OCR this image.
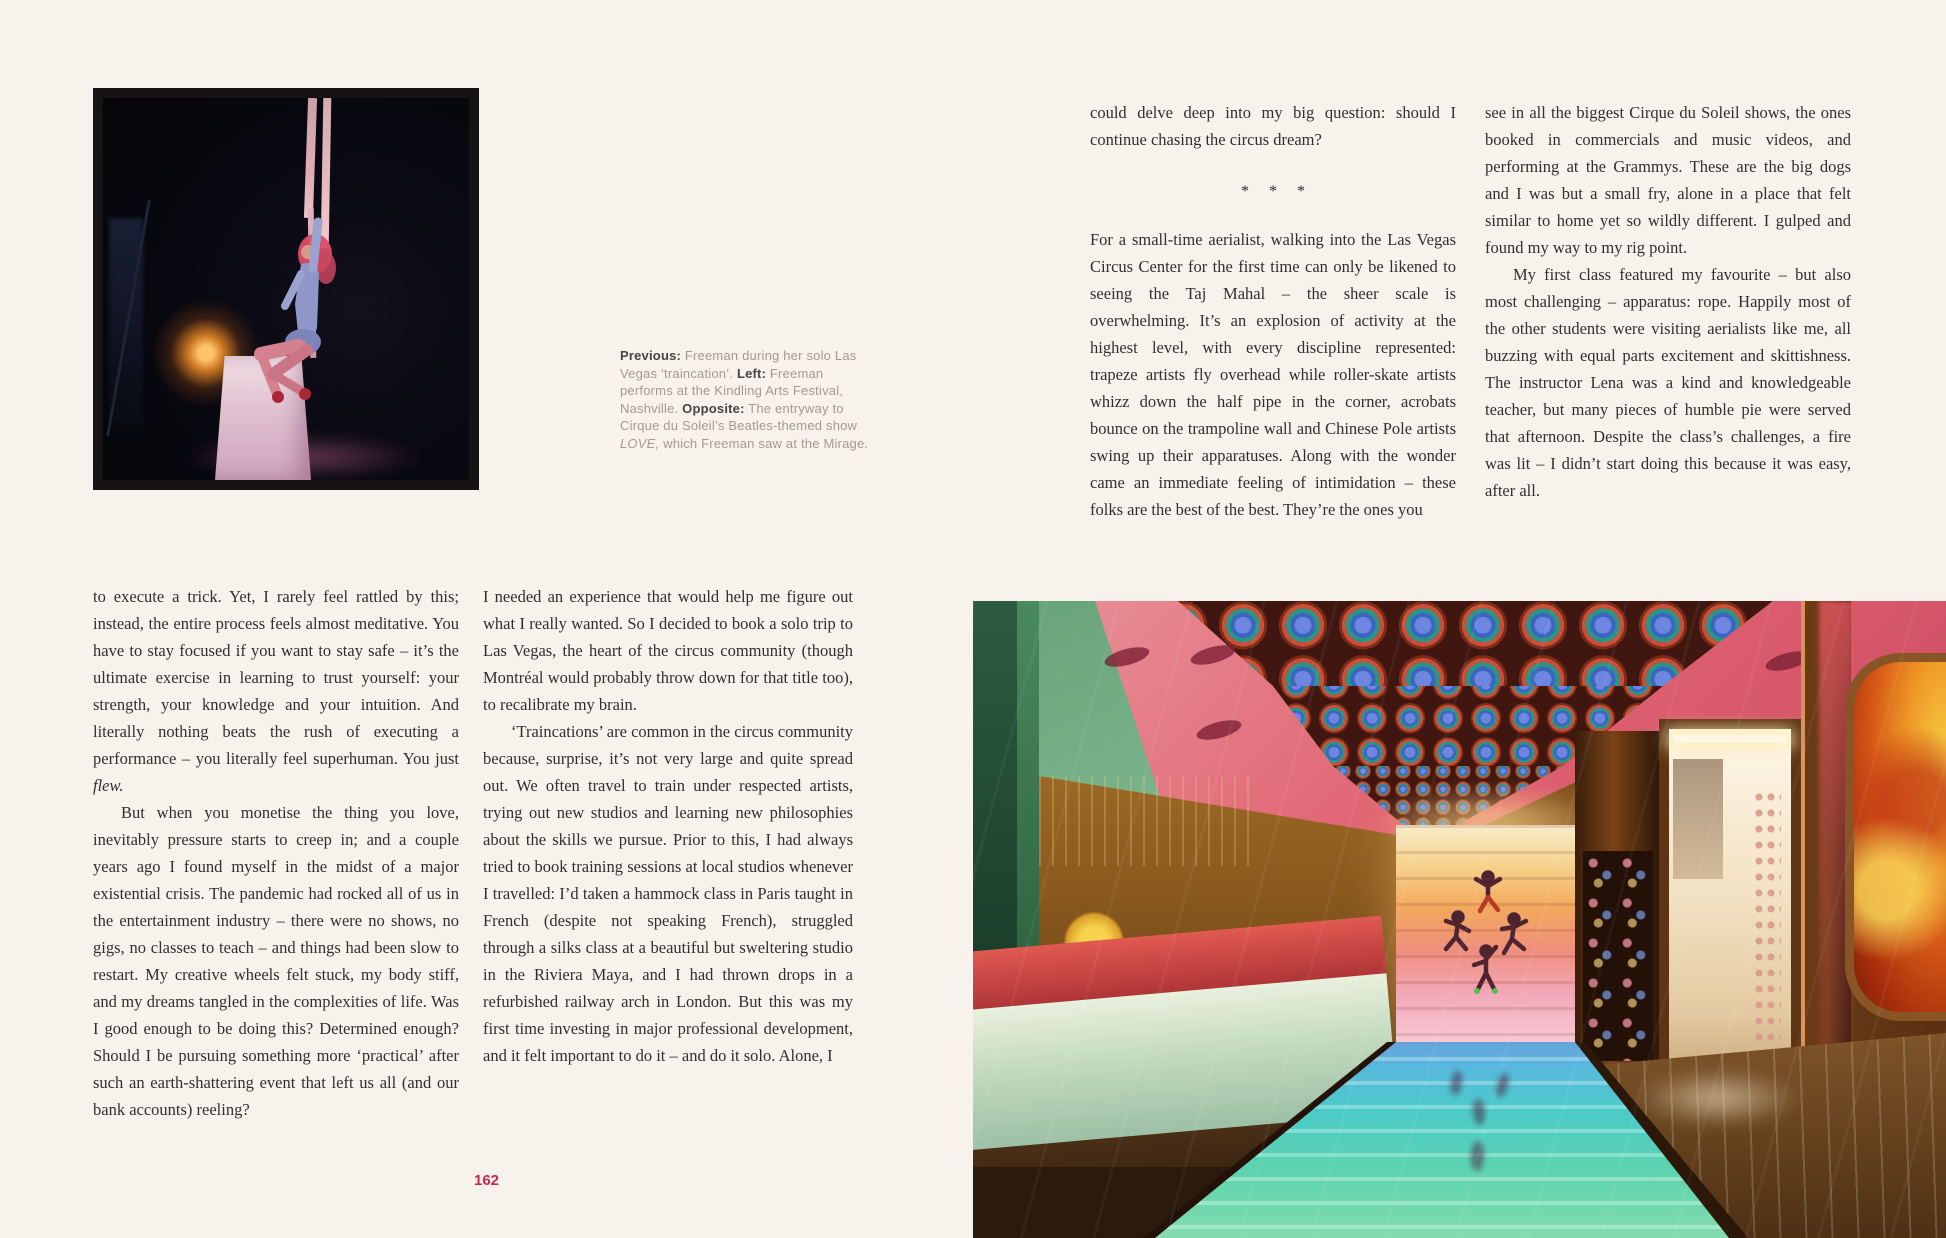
Previous: Freeman during her solo Las Vegas ‘traincation’. Left: Freeman performs at the Kindling Arts Festival, Nashville. Opposite: The entryway to Cirque du Soleil’s Beatles-themed show LOVE, which Freeman saw at the Mirage.

to execute a trick. Yet, I rarely feel rattled by this; instead, the entire process feels almost meditative. You have to stay focused if you want to stay safe – it’s the ultimate exercise in learning to trust yourself: your strength, your knowledge and your intuition. And literally nothing beats the rush of executing a performance – you literally feel superhuman. You just flew.

But when you monetise the thing you love, inevitably pressure starts to creep in; and a couple years ago I found myself in the midst of a major existential crisis. The pandemic had rocked all of us in the entertainment industry – there were no shows, no gigs, no classes to teach – and things had been slow to restart. My creative wheels felt stuck, my body stiff, and my dreams tangled in the complexities of life. Was I good enough to be doing this? Determined enough? Should I be pursuing something more ‘practical’ after such an earth-shattering event that left us all (and our bank accounts) reeling?

I needed an experience that would help me figure out what I really wanted. So I decided to book a solo trip to Las Vegas, the heart of the circus community (though Montréal would probably throw down for that title too), to recalibrate my brain.

‘Traincations’ are common in the circus community because, surprise, it’s not very large and quite spread out. We often travel to train under respected artists, trying out new studios and learning new philosophies about the skills we pursue. Prior to this, I had always tried to book training sessions at local studios whenever I travelled: I’d taken a hammock class in Paris taught in French (despite not speaking French), struggled through a silks class at a beautiful but sweltering studio in the Riviera Maya, and I had thrown drops in a refurbished railway arch in London. But this was my first time investing in major professional development, and it felt important to do it – and do it solo. Alone, I

162

could delve deep into my big question: should I continue chasing the circus dream?

* * *

For a small-time aerialist, walking into the Las Vegas Circus Center for the first time can only be likened to seeing the Taj Mahal – the sheer scale is overwhelming. It’s an explosion of activity at the highest level, with every discipline represented: trapeze artists fly overhead while roller-skate artists whizz down the half pipe in the corner, acrobats bounce on the trampoline wall and Chinese Pole artists swing up their apparatuses. Along with the wonder came an immediate feeling of intimidation – these folks are the best of the best. They’re the ones you

see in all the biggest Cirque du Soleil shows, the ones booked in commercials and music videos, and performing at the Grammys. These are the big dogs and I was but a small fry, alone in a place that felt similar to home yet so wildly different. I gulped and found my way to my rig point.

My first class featured my favourite – but also most challenging – apparatus: rope. Happily most of the other students were visiting aerialists like me, all buzzing with equal parts excitement and skittishness. The instructor Lena was a kind and knowledgeable teacher, but many pieces of humble pie were served that afternoon. Despite the class’s challenges, a fire was lit – I didn’t start doing this because it was easy, after all.
